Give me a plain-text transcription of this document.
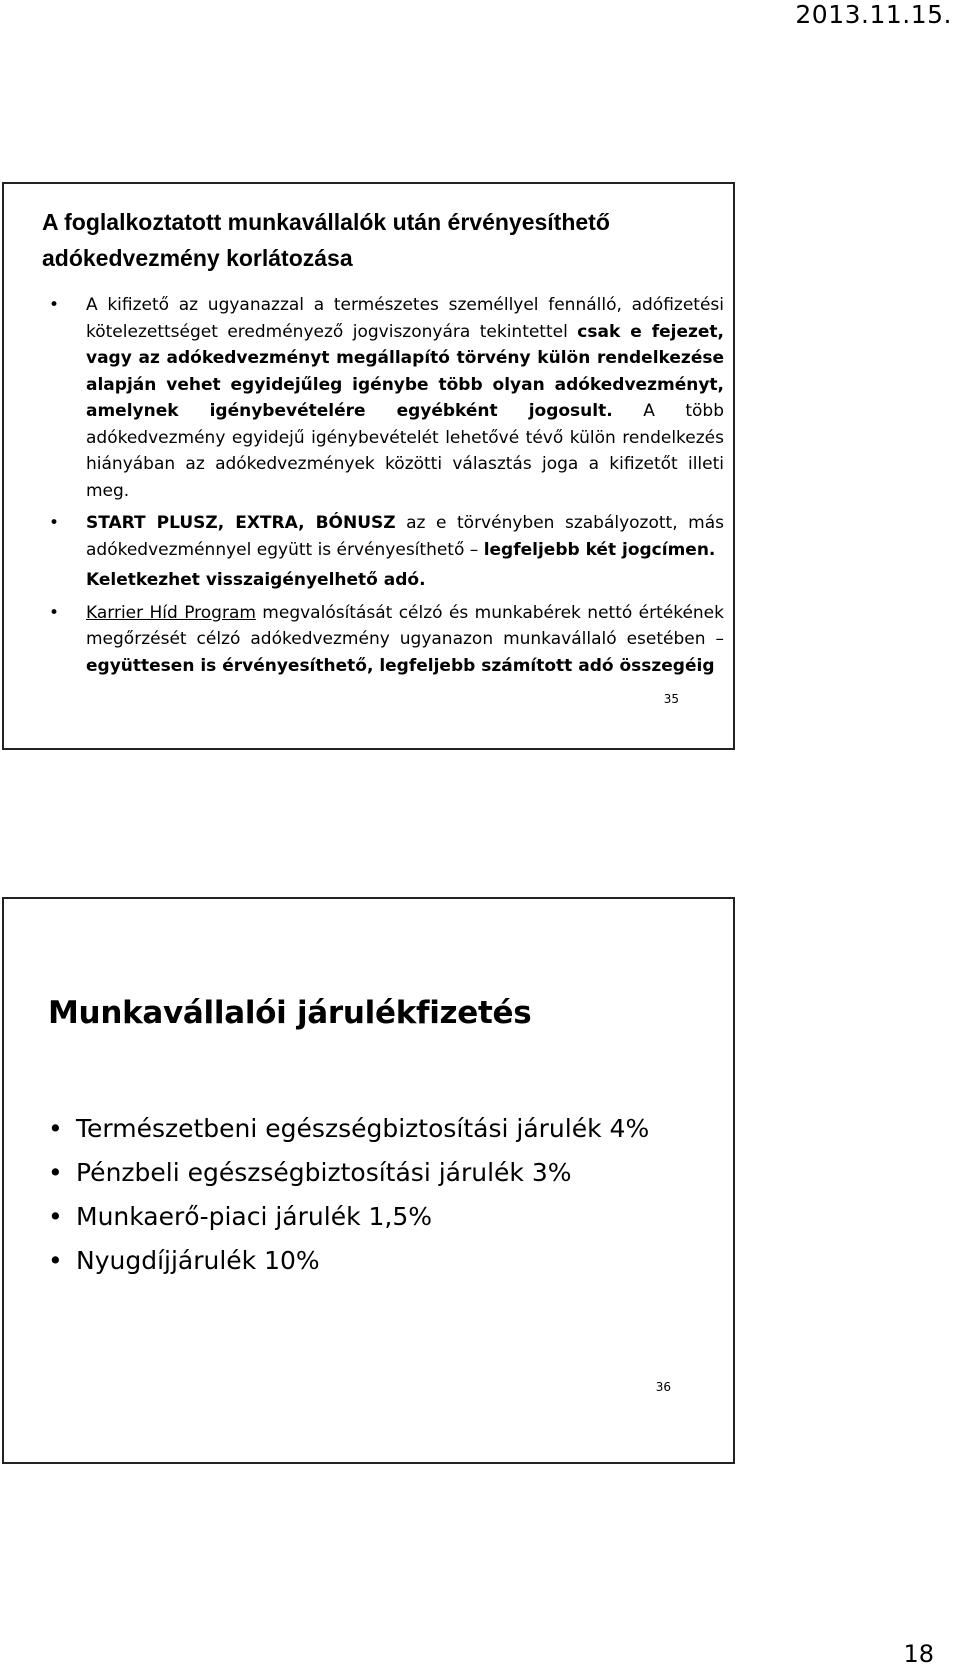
2013.11.15.
A foglalkoztatott munkavállalók után érvényesíthető adókedvezmény korlátozása
• A kifizető az ugyanazzal a természetes személlyel fennálló, adófizetési kötelezettséget eredményező jogviszonyára tekintettel csak e fejezet, vagy az adókedvezményt megállapító törvény külön rendelkezése alapján vehet egyidejűleg igénybe több olyan adókedvezményt, amelynek igénybevételére egyébként jogosult. A több adókedvezmény egyidejű igénybevételét lehetővé tévő külön rendelkezés hiányában az adókedvezmények közötti választás joga a kifizetőt illeti meg.

• START PLUSZ, EXTRA, BÓNUSZ az e törvényben szabályozott, más adókedvezménnyel együtt is érvényesíthető – legfeljebb két jogcímen.

Keletkezhet visszaigényelhető adó.

• Karrier Híd Program megvalósítását célzó és munkabérek nettó értékének megőrzését célzó adókedvezmény ugyanazon munkavállaló esetében – együttesen is érvényesíthető, legfeljebb számított adó összegéig

35
Munkavállalói járulékfizetés
• Természetbeni egészségbiztosítási járulék 4%
• Pénzbeli egészségbiztosítási járulék 3%
• Munkaerő-piaci járulék 1,5%
• Nyugdíjjárulék 10%
36
18
